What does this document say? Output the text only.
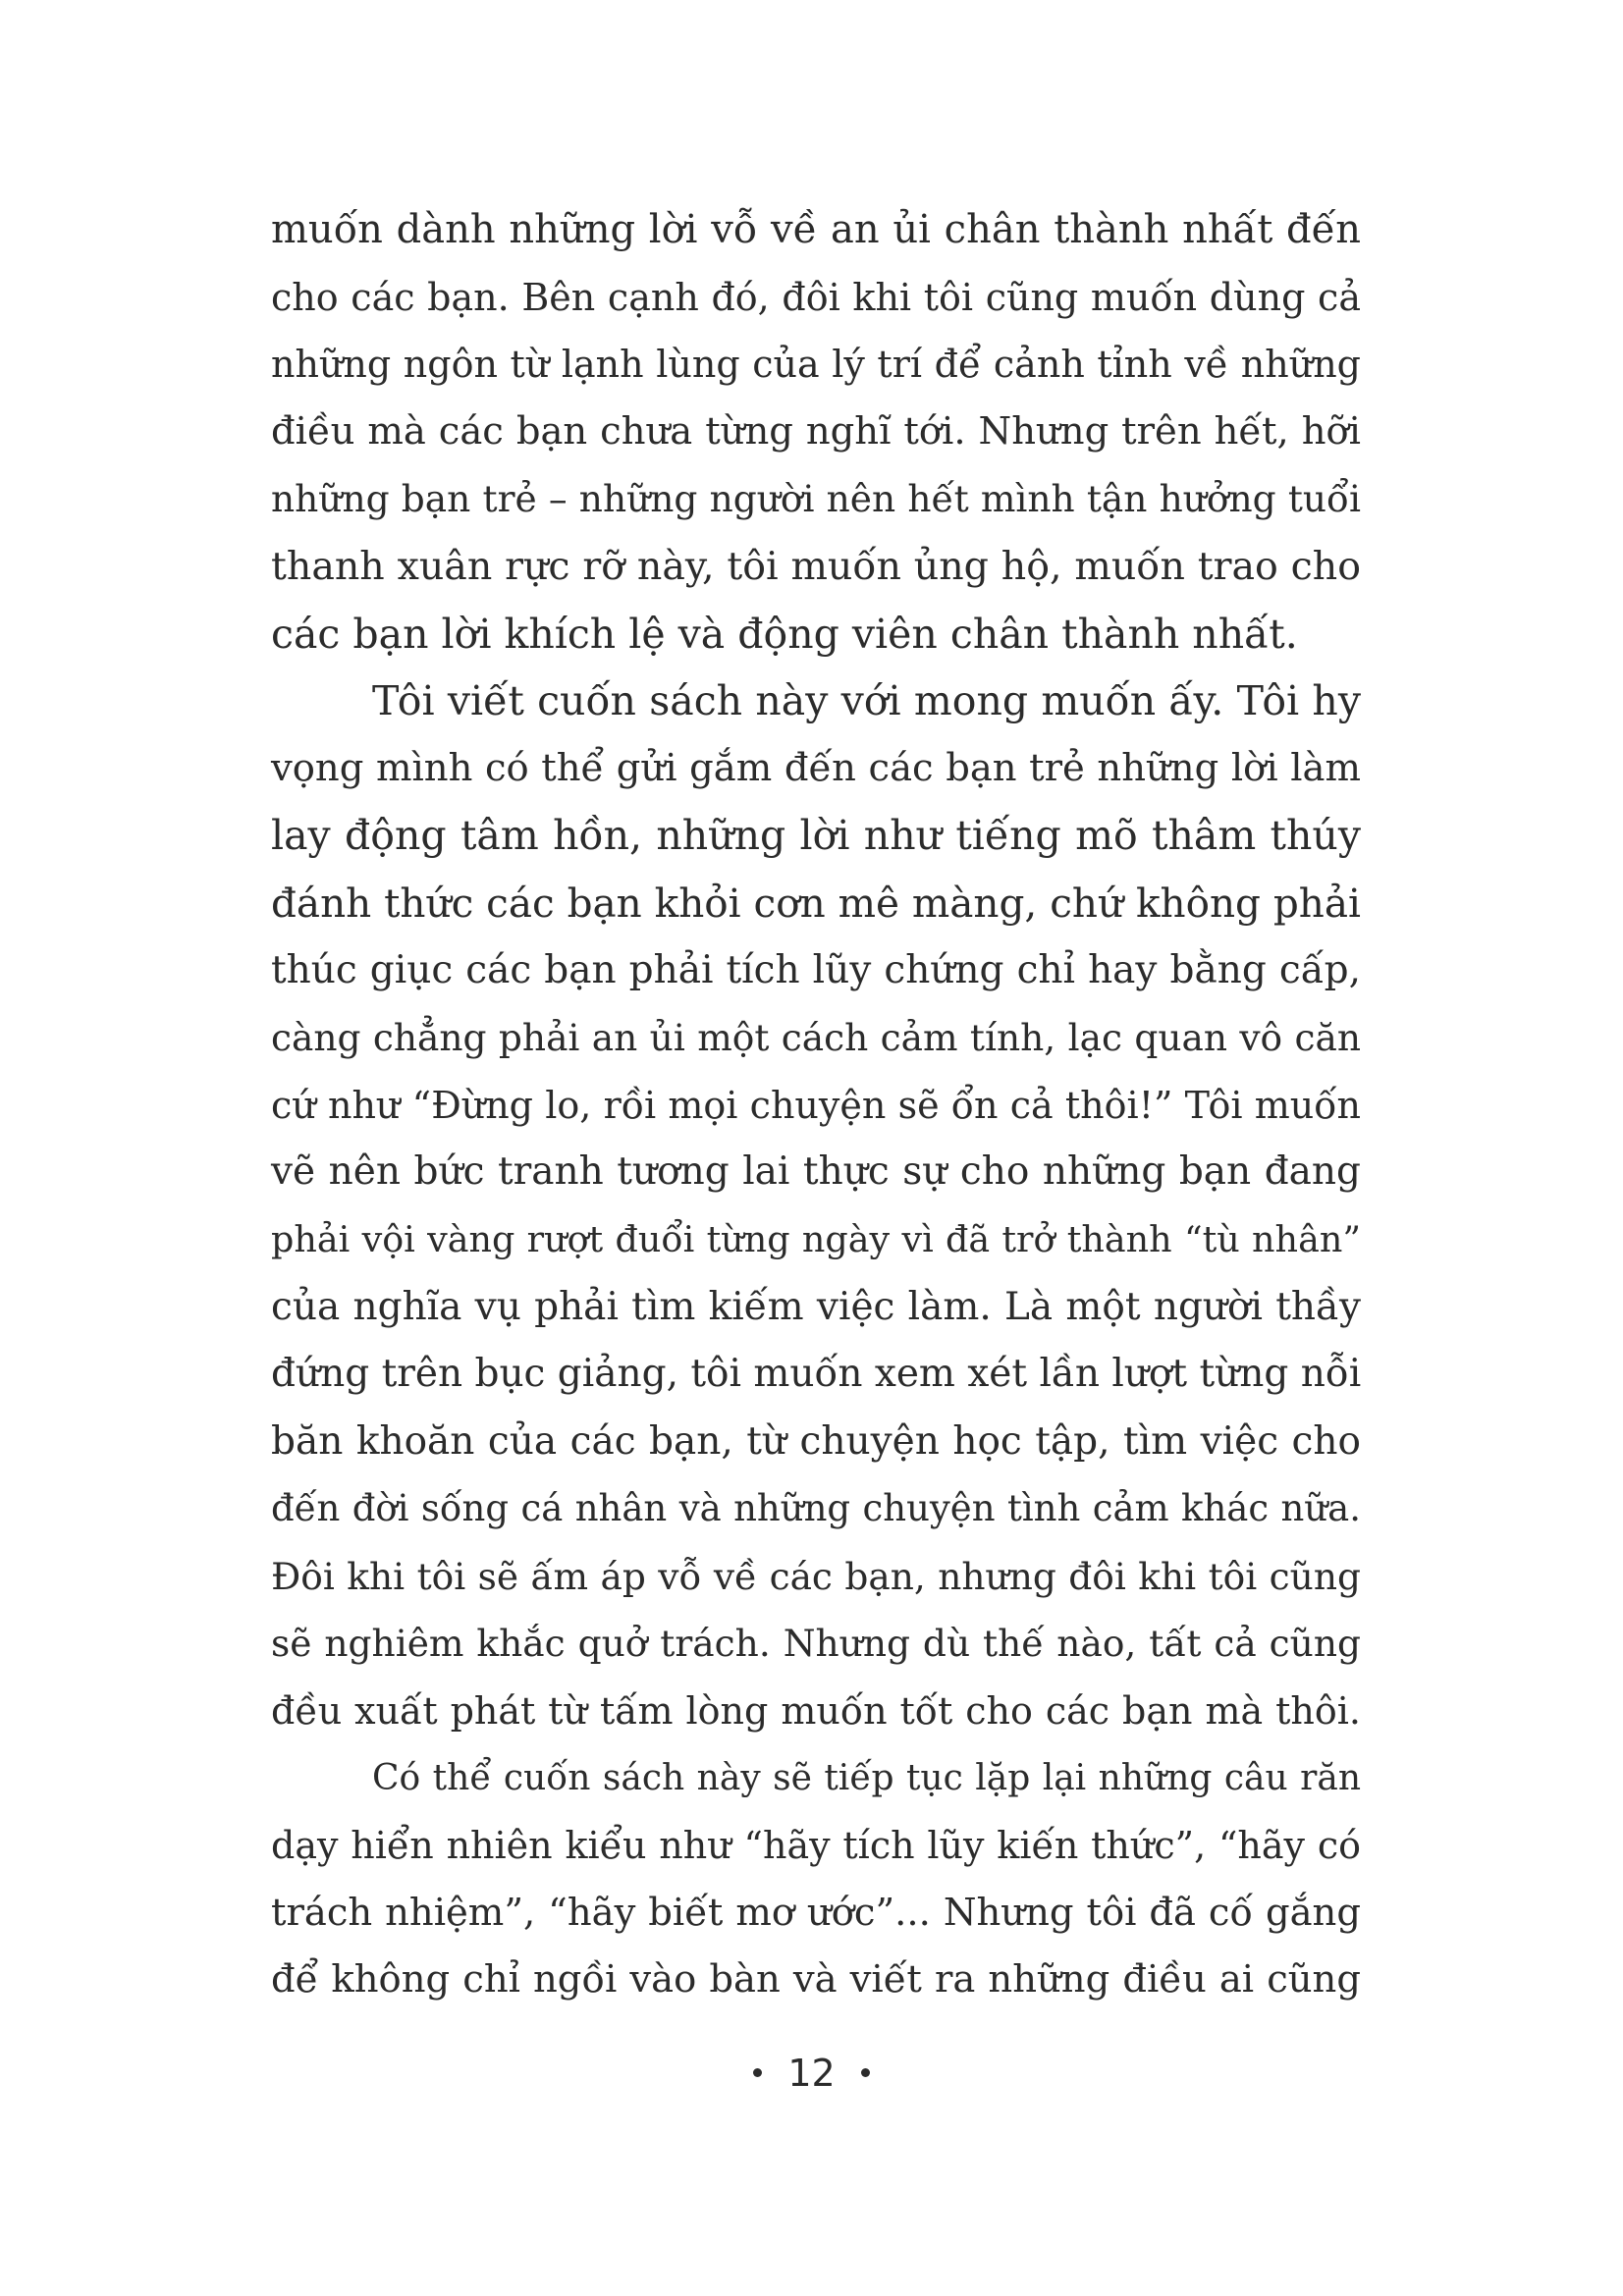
muốn dành những lời vỗ về an ủi chân thành nhất đến
cho các bạn. Bên cạnh đó, đôi khi tôi cũng muốn dùng cả
những ngôn từ lạnh lùng của lý trí để cảnh tỉnh về những
điều mà các bạn chưa từng nghĩ tới. Nhưng trên hết, hỡi
những bạn trẻ – những người nên hết mình tận hưởng tuổi
thanh xuân rực rỡ này, tôi muốn ủng hộ, muốn trao cho
các bạn lời khích lệ và động viên chân thành nhất.

Tôi viết cuốn sách này với mong muốn ấy. Tôi hy
vọng mình có thể gửi gắm đến các bạn trẻ những lời làm
lay động tâm hồn, những lời như tiếng mõ thâm thúy
đánh thức các bạn khỏi cơn mê màng, chứ không phải
thúc giục các bạn phải tích lũy chứng chỉ hay bằng cấp,
càng chẳng phải an ủi một cách cảm tính, lạc quan vô căn
cứ như “Đừng lo, rồi mọi chuyện sẽ ổn cả thôi!” Tôi muốn
vẽ nên bức tranh tương lai thực sự cho những bạn đang
phải vội vàng rượt đuổi từng ngày vì đã trở thành “tù nhân”
của nghĩa vụ phải tìm kiếm việc làm. Là một người thầy
đứng trên bục giảng, tôi muốn xem xét lần lượt từng nỗi
băn khoăn của các bạn, từ chuyện học tập, tìm việc cho
đến đời sống cá nhân và những chuyện tình cảm khác nữa.
Đôi khi tôi sẽ ấm áp vỗ về các bạn, nhưng đôi khi tôi cũng
sẽ nghiêm khắc quở trách. Nhưng dù thế nào, tất cả cũng
đều xuất phát từ tấm lòng muốn tốt cho các bạn mà thôi.

Có thể cuốn sách này sẽ tiếp tục lặp lại những câu răn
dạy hiển nhiên kiểu như “hãy tích lũy kiến thức”, “hãy có
trách nhiệm”, “hãy biết mơ ước”... Nhưng tôi đã cố gắng
để không chỉ ngồi vào bàn và viết ra những điều ai cũng

12
